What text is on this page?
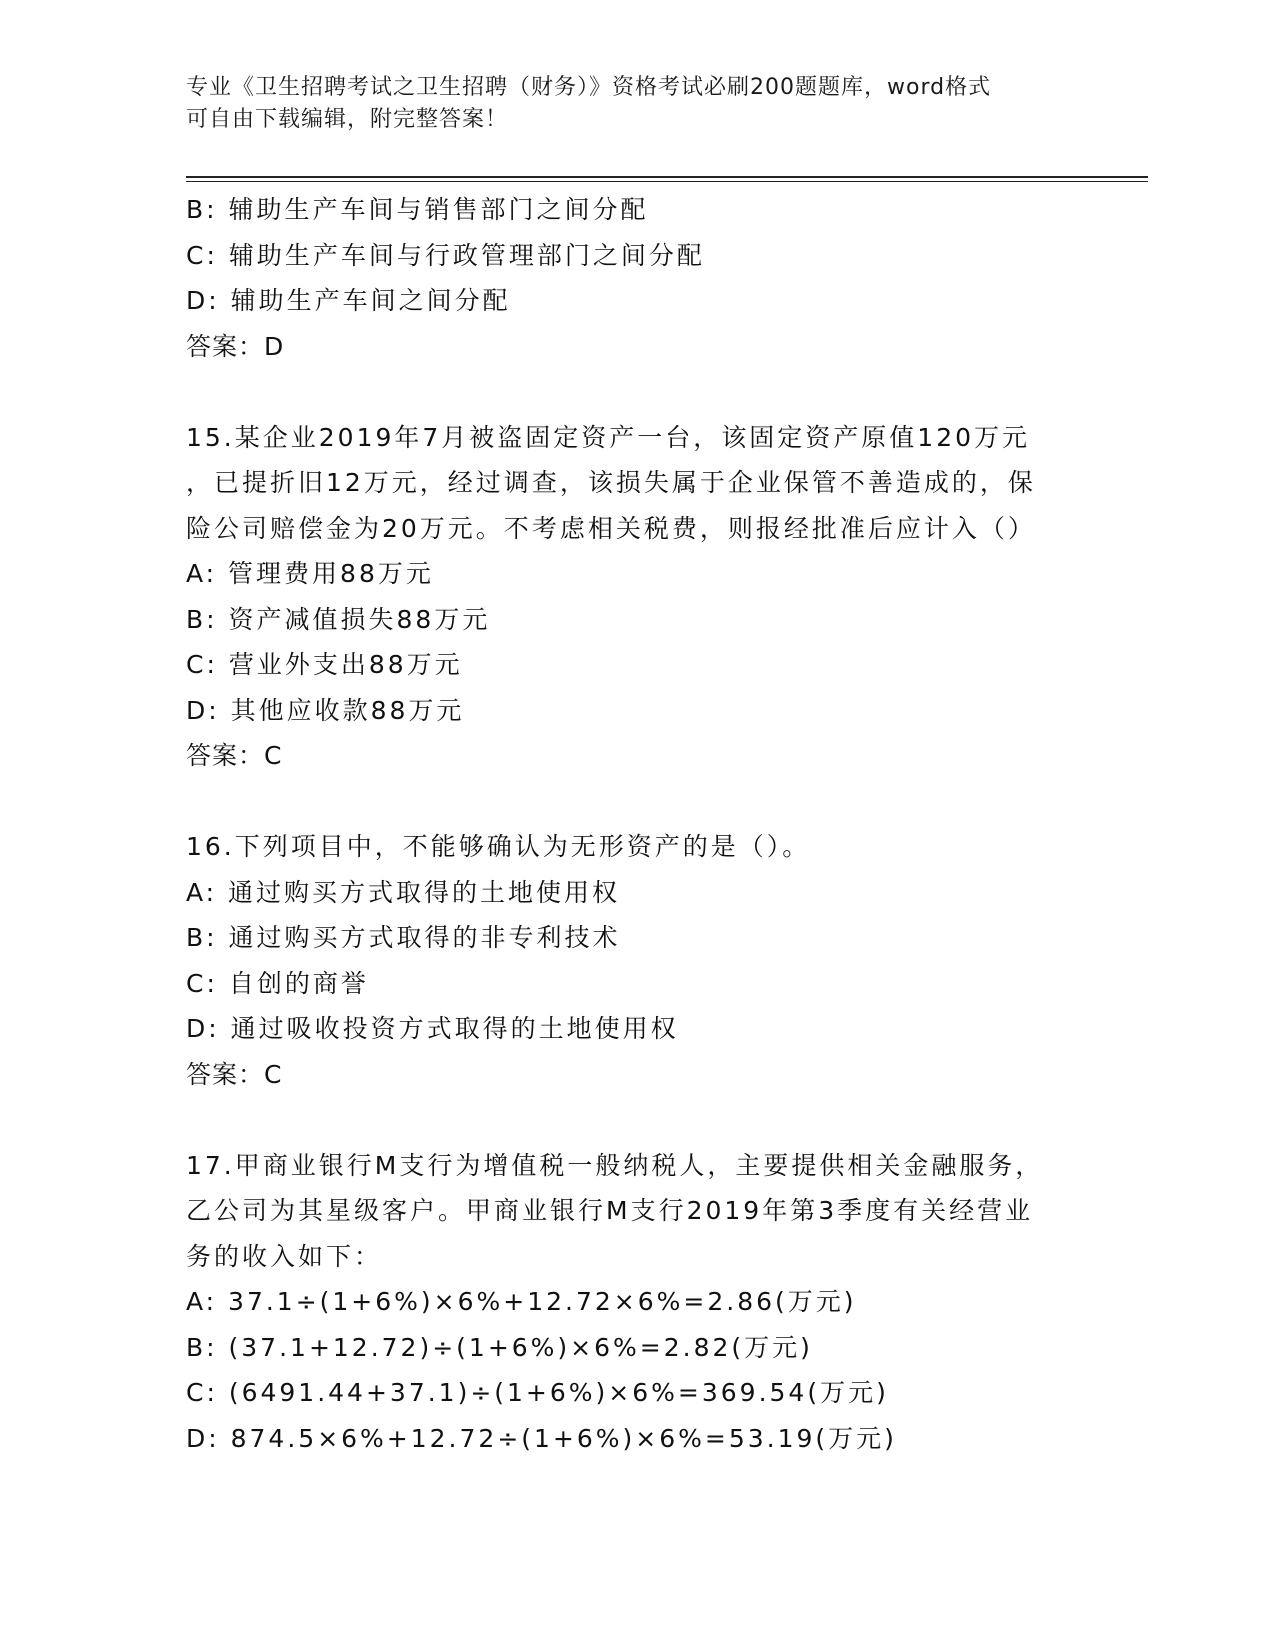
专业《卫生招聘考试之卫生招聘（财务）》资格考试必刷200题题库，word格式
可自由下载编辑，附完整答案！
B: 辅助生产车间与销售部门之间分配
C: 辅助生产车间与行政管理部门之间分配
D: 辅助生产车间之间分配
答案：D
15.某企业2019年7月被盗固定资产一台，该固定资产原值120万元
，已提折旧12万元，经过调查，该损失属于企业保管不善造成的，保
险公司赔偿金为20万元。不考虑相关税费，则报经批准后应计入（）
A: 管理费用88万元
B: 资产减值损失88万元
C: 营业外支出88万元
D: 其他应收款88万元
答案：C
16.下列项目中，不能够确认为无形资产的是（）。
A: 通过购买方式取得的土地使用权
B: 通过购买方式取得的非专利技术
C: 自创的商誉
D: 通过吸收投资方式取得的土地使用权
答案：C
17.甲商业银行M支行为增值税一般纳税人，主要提供相关金融服务，
乙公司为其星级客户。甲商业银行M支行2019年第3季度有关经营业
务的收入如下：
A: 37.1÷(1+6%)×6%+12.72×6%=2.86(万元)
B: (37.1+12.72)÷(1+6%)×6%=2.82(万元)
C: (6491.44+37.1)÷(1+6%)×6%=369.54(万元)
D: 874.5×6%+12.72÷(1+6%)×6%=53.19(万元)
